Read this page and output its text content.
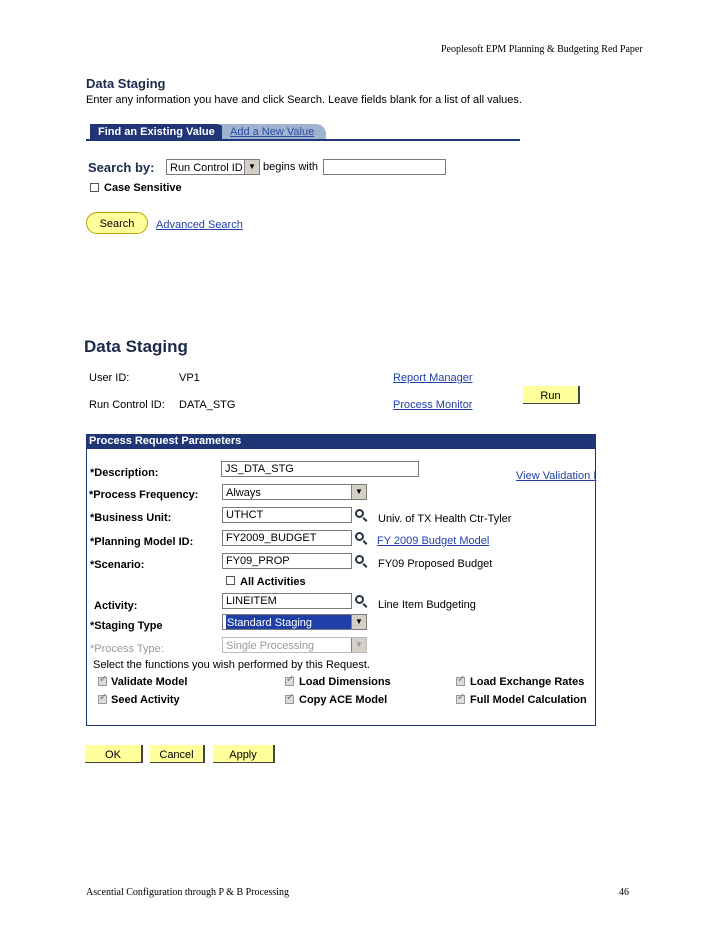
Peoplesoft EPM Planning & Budgeting Red Paper
Ascential Configuration through P & B Processing	46
Data Staging
Enter any information you have and click Search. Leave fields blank for a list of all values.
Find an Existing Value	Add a New Value
Search by:	Run Control ID ▼ begins with
Case Sensitive
Search	Advanced Search
Data Staging
User ID:	VP1	Report Manager
Run
Run Control ID: DATA_STG	Process Monitor
Process Request Parameters
*Description:	JS_DTA_STG
View Validation I
*Process Frequency:	Always	▼
*Business Unit:	UTHCT	Univ. of TX Health Ctr-Tyler
*Planning Model ID:	FY2009_BUDGET	FY 2009 Budget Model
*Scenario:	FY09_PROP	FY09 Proposed Budget
All Activities
Activity:	LINEITEM	Line Item Budgeting
*Staging Type	Standard Staging	▼
*Process Type:	Single Processing	▼
Select the functions you wish performed by this Request.
✓
Validate Model ✓	Load Dimensions ✓	Load Exchange Rates
✓
Seed Activity ✓	Copy ACE Model ✓	Full Model Calculation
OK	Cancel	Apply
